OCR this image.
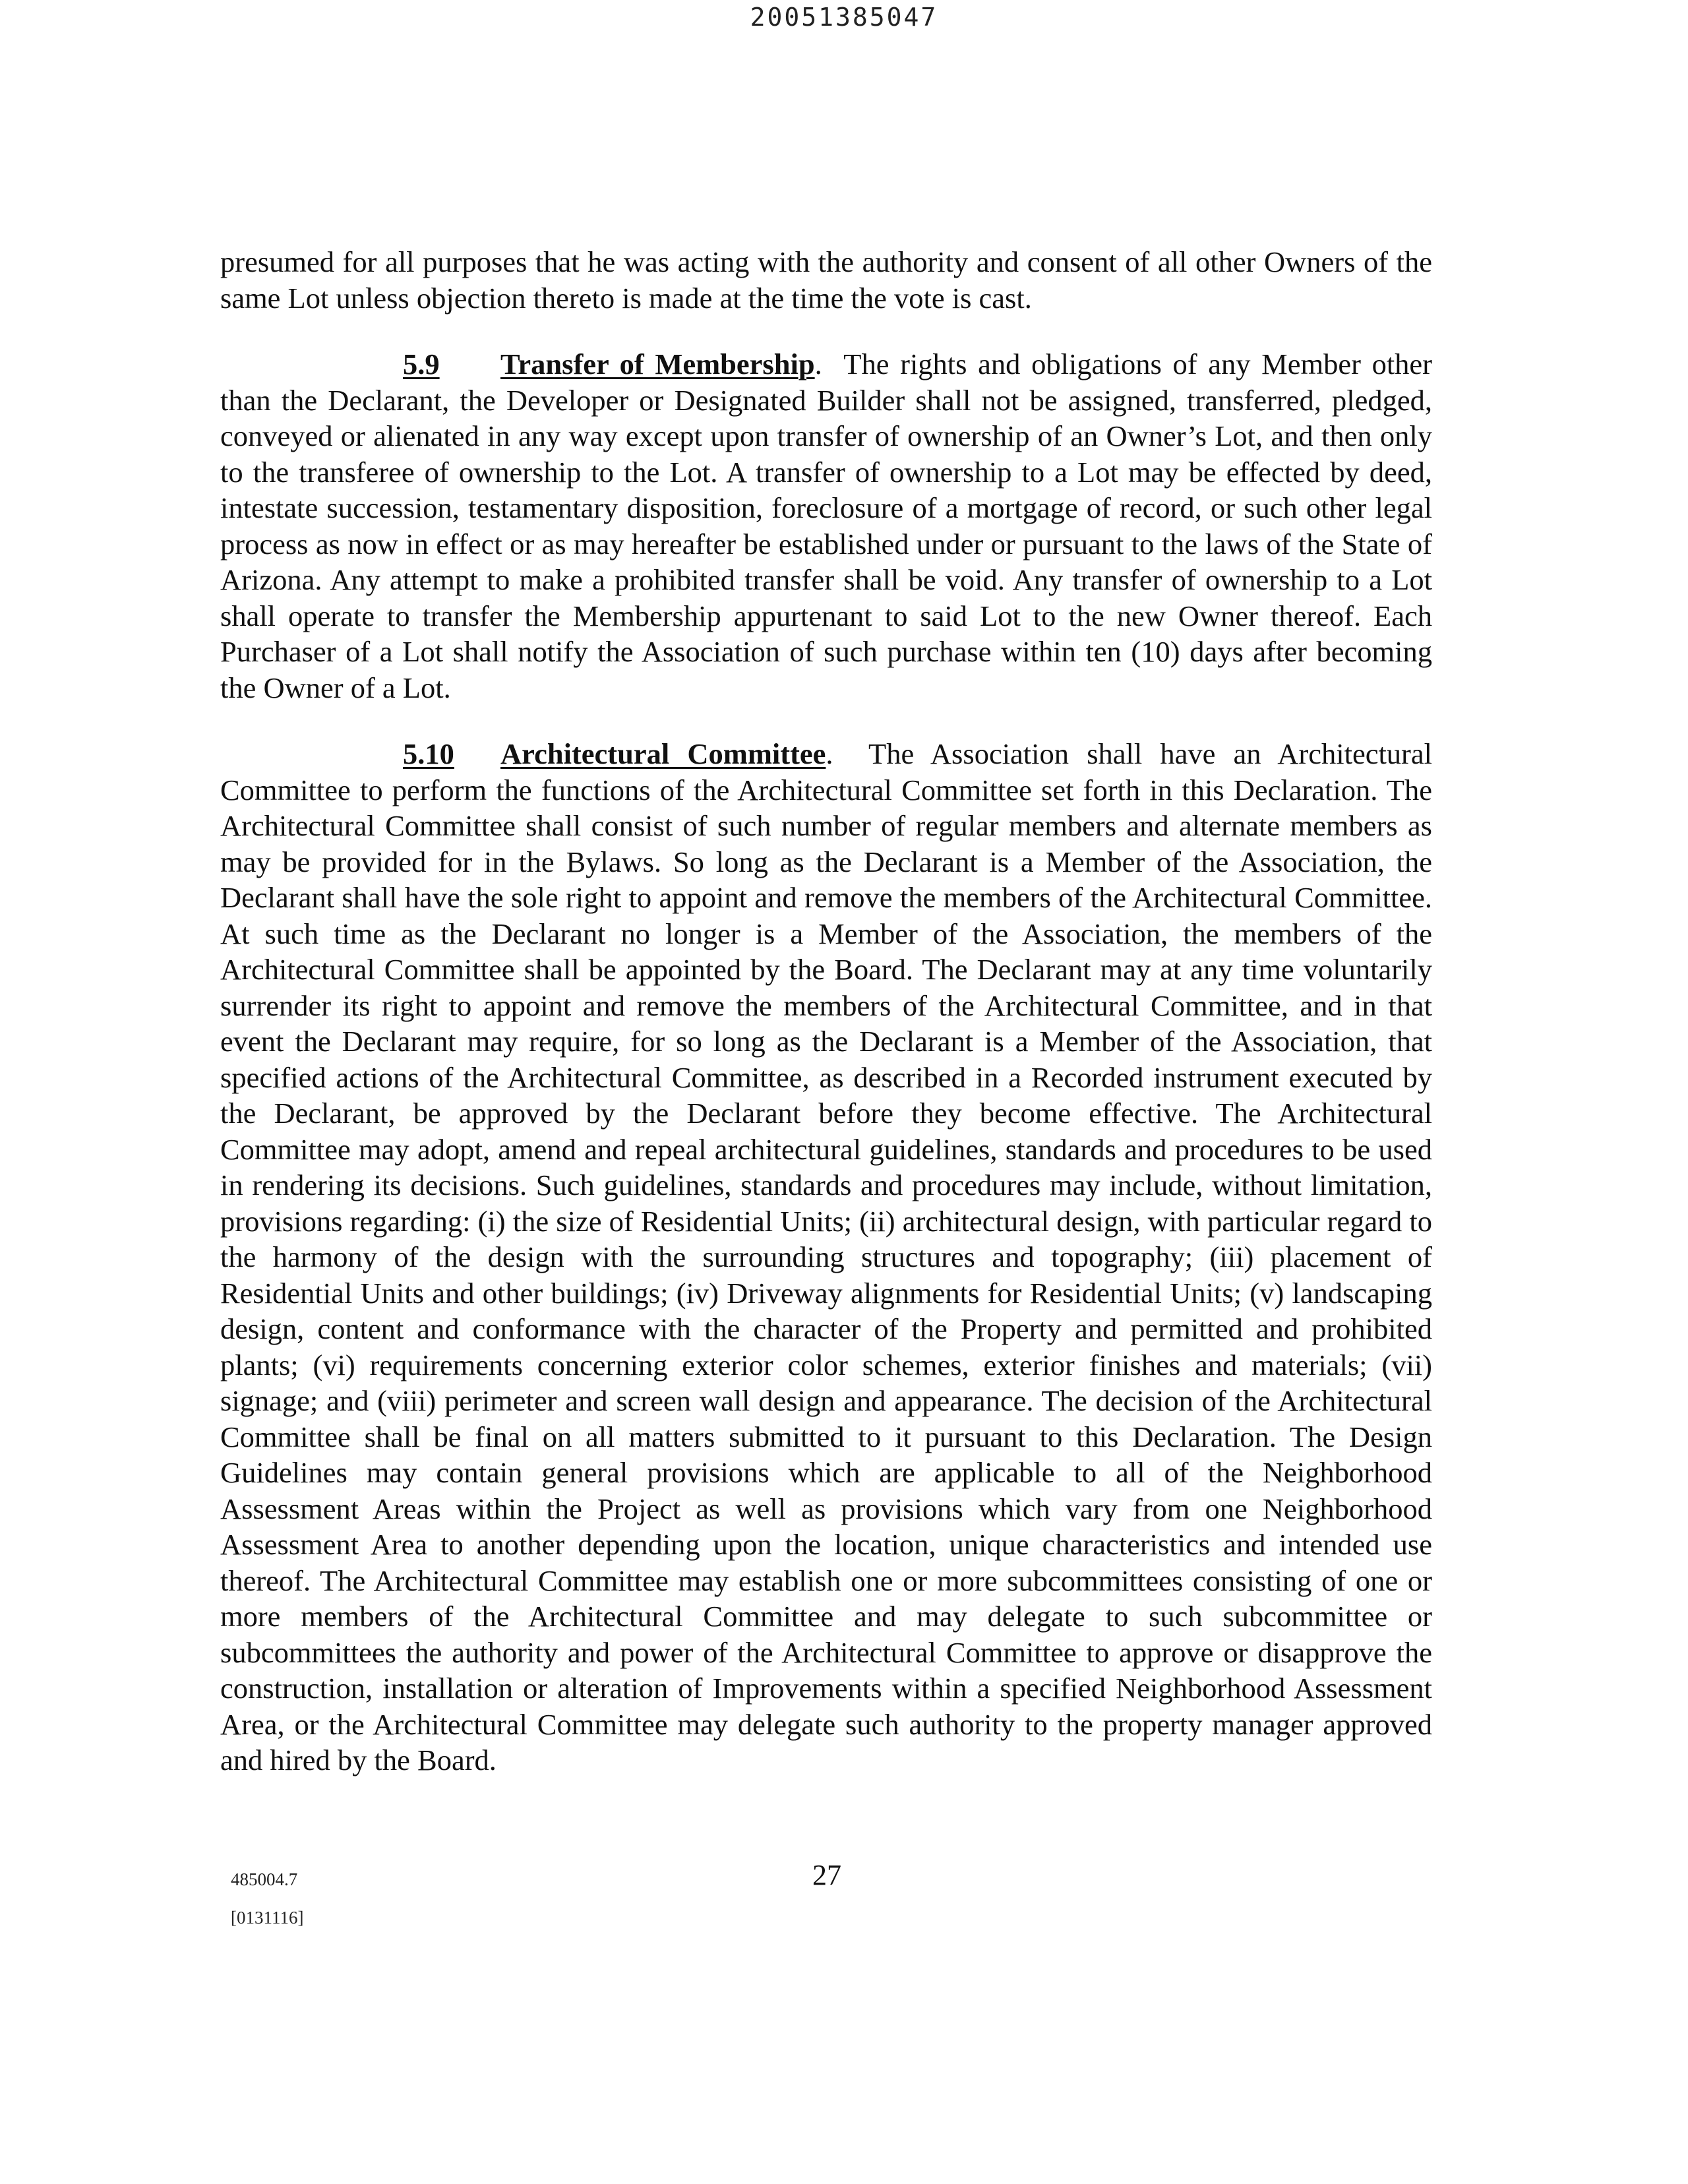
20051385047

presumed for all purposes that he was acting with the authority and consent of all other Owners of the same Lot unless objection thereto is made at the time the vote is cast.

5.9 Transfer of Membership.  The rights and obligations of any Member other than the Declarant, the Developer or Designated Builder shall not be assigned, transferred, pledged, conveyed or alienated in any way except upon transfer of ownership of an Owner’s Lot, and then only to the transferee of ownership to the Lot. A transfer of ownership to a Lot may be effected by deed, intestate succession, testamentary disposition, foreclosure of a mortgage of record, or such other legal process as now in effect or as may hereafter be established under or pursuant to the laws of the State of Arizona. Any attempt to make a prohibited transfer shall be void. Any transfer of ownership to a Lot shall operate to transfer the Membership appurtenant to said Lot to the new Owner thereof. Each Purchaser of a Lot shall notify the Association of such purchase within ten (10) days after becoming the Owner of a Lot.

5.10 Architectural Committee.  The Association shall have an Architectural Committee to perform the functions of the Architectural Committee set forth in this Declaration. The Architectural Committee shall consist of such number of regular members and alternate members as may be provided for in the Bylaws. So long as the Declarant is a Member of the Association, the Declarant shall have the sole right to appoint and remove the members of the Architectural Committee. At such time as the Declarant no longer is a Member of the Association, the members of the Architectural Committee shall be appointed by the Board. The Declarant may at any time voluntarily surrender its right to appoint and remove the members of the Architectural Committee, and in that event the Declarant may require, for so long as the Declarant is a Member of the Association, that specified actions of the Architectural Committee, as described in a Recorded instrument executed by the Declarant, be approved by the Declarant before they become effective. The Architectural Committee may adopt, amend and repeal architectural guidelines, standards and procedures to be used in rendering its decisions. Such guidelines, standards and procedures may include, without limitation, provisions regarding: (i) the size of Residential Units; (ii) architectural design, with particular regard to the harmony of the design with the surrounding structures and topography; (iii) placement of Residential Units and other buildings; (iv) Driveway alignments for Residential Units; (v) landscaping design, content and conformance with the character of the Property and permitted and prohibited plants; (vi) requirements concerning exterior color schemes, exterior finishes and materials; (vii) signage; and (viii) perimeter and screen wall design and appearance. The decision of the Architectural Committee shall be final on all matters submitted to it pursuant to this Declaration. The Design Guidelines may contain general provisions which are applicable to all of the Neighborhood Assessment Areas within the Project as well as provisions which vary from one Neighborhood Assessment Area to another depending upon the location, unique characteristics and intended use thereof. The Architectural Committee may establish one or more subcommittees consisting of one or more members of the Architectural Committee and may delegate to such subcommittee or subcommittees the authority and power of the Architectural Committee to approve or disapprove the construction, installation or alteration of Improvements within a specified Neighborhood Assessment Area, or the Architectural Committee may delegate such authority to the property manager approved and hired by the Board.

485004.7	27
[0131116]
